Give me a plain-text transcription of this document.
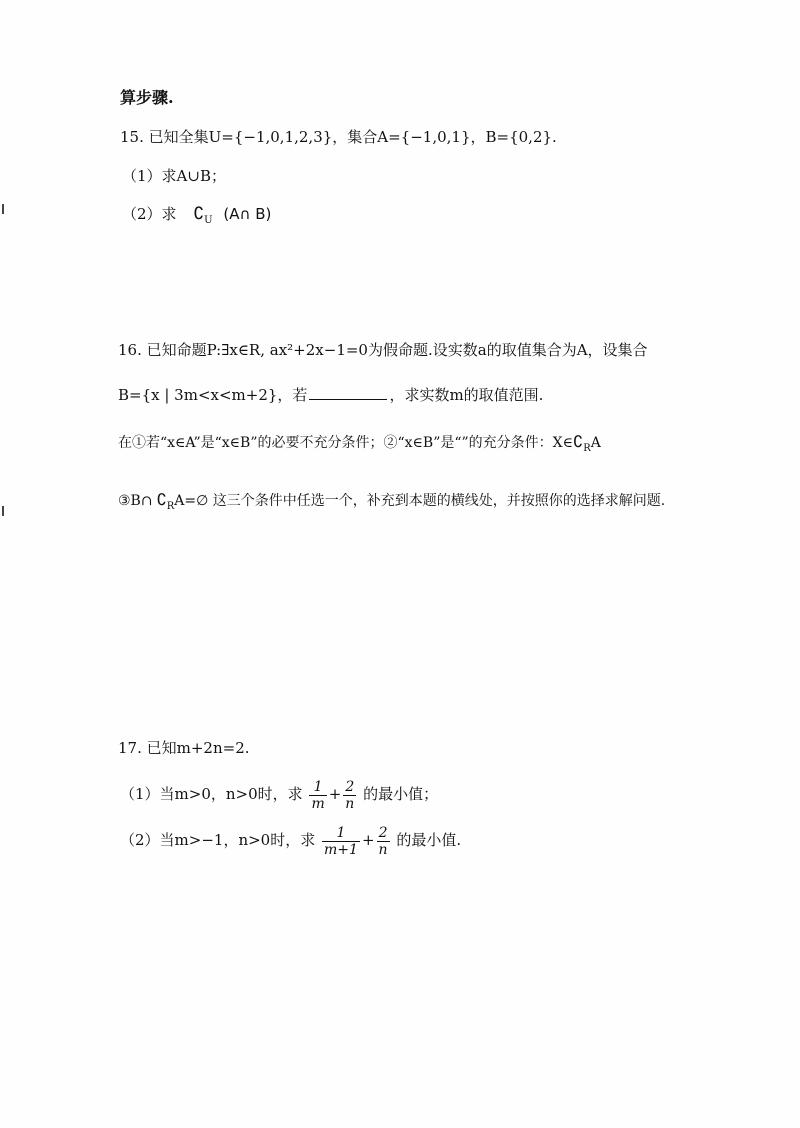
算步骤.
15. 已知全集U={−1,0,1,2,3}，集合A={−1,0,1}，B={0,2}.
（1）求A∪B；
（2）求 $∁_U$ (A∩ B)
16. 已知命题P:∃x∈R, ax²+2x−1=0为假命题.设实数a的取值集合为A，设集合
B={x | 3m<x<m+2}，若	，求实数m的取值范围.
在①若“x∈A”是“x∈B”的必要不充分条件；②“x∈B”是“”的充分条件：$X\in∁_RA$
③B∩ $∁_RA=\emptyset$ 这三个条件中任选一个，补充到本题的横线处，并按照你的选择求解问题.
17. 已知m+2n=2.
（1）当m>0，n>0时，求 $\frac{1}{m} + \frac{2}{n}$ 的最小值；
（2）当m>−1，n>0时，求 $\frac{1}{m+1} + \frac{2}{n}$ 的最小值.
